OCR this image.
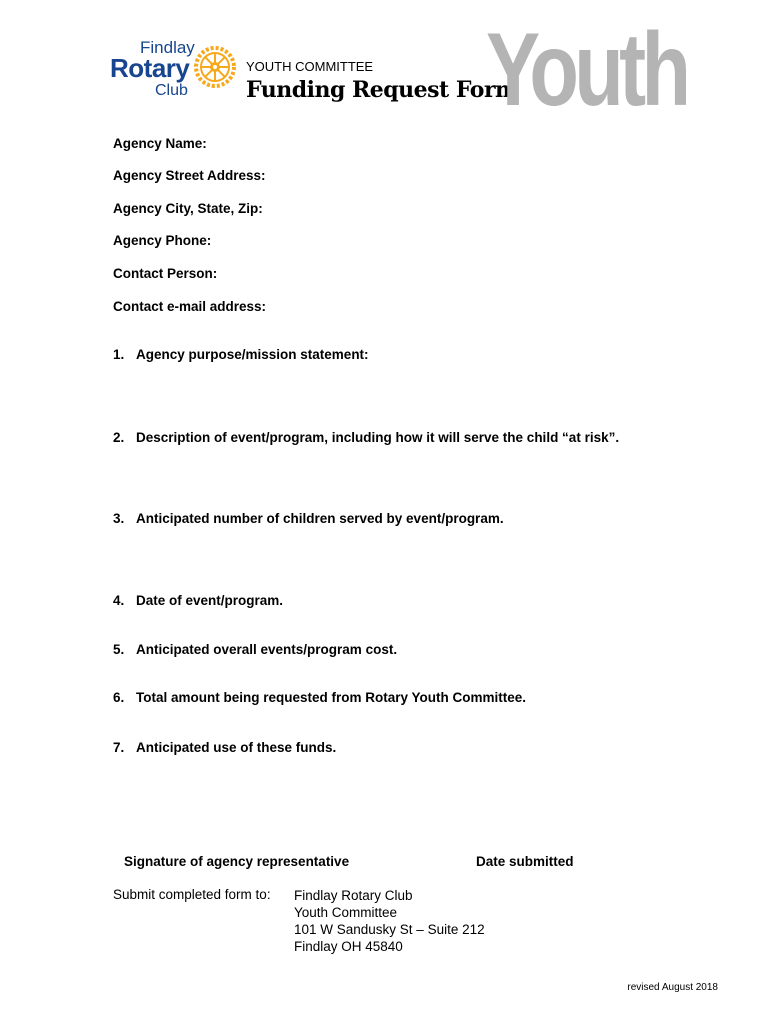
Findlay
Rotary
Club
YOUTH COMMITTEE
Funding Request Form
Youth
Agency Name:
Agency Street Address:
Agency City, State, Zip:
Agency Phone:
Contact Person:
Contact e-mail address:
1. Agency purpose/mission statement:
2. Description of event/program, including how it will serve the child “at risk”.
3. Anticipated number of children served by event/program.
4. Date of event/program.
5. Anticipated overall events/program cost.
6. Total amount being requested from Rotary Youth Committee.
7. Anticipated use of these funds.
Signature of agency representative	Date submitted
Submit completed form to: Findlay Rotary Club
Youth Committee
101 W Sandusky St – Suite 212
Findlay OH 45840
revised August 2018
